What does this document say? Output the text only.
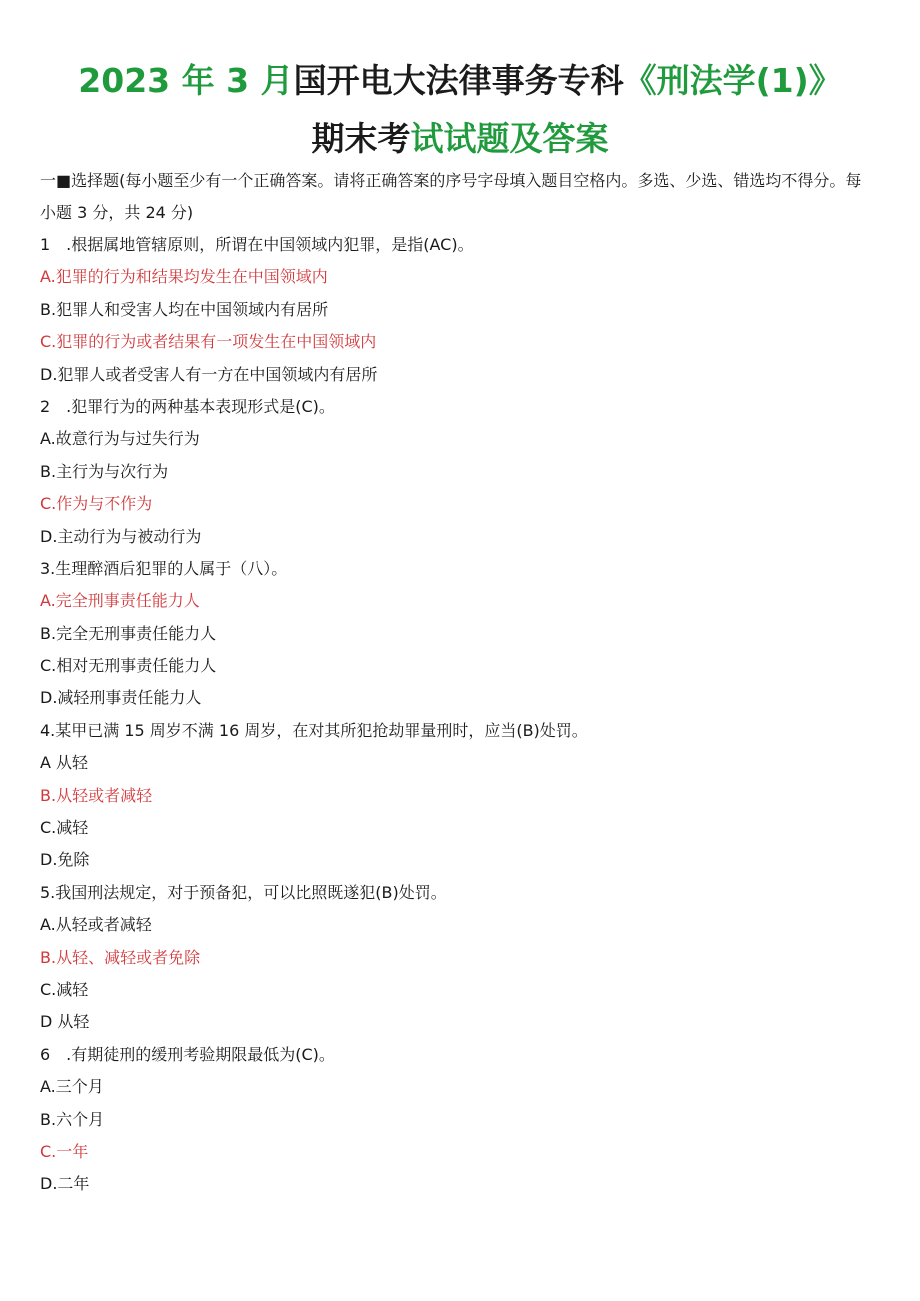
2023 年 3 月国开电大法律事务专科《刑法学(1)》
期末考试试题及答案
一■选择题(每小题至少有一个正确答案。请将正确答案的序号字母填入题目空格内。多选、少选、错选均不得分。每小题 3 分，共 24 分)
1　.根据属地管辖原则，所谓在中国领域内犯罪，是指(AC)。
A.犯罪的行为和结果均发生在中国领域内
B.犯罪人和受害人均在中国领域内有居所
C.犯罪的行为或者结果有一项发生在中国领域内
D.犯罪人或者受害人有一方在中国领域内有居所
2　.犯罪行为的两种基本表现形式是(C)。
A.故意行为与过失行为
B.主行为与次行为
C.作为与不作为
D.主动行为与被动行为
3.生理醉酒后犯罪的人属于（八）。
A.完全刑事责任能力人
B.完全无刑事责任能力人
C.相对无刑事责任能力人
D.减轻刑事责任能力人
4.某甲已满 15 周岁不满 16 周岁，在对其所犯抢劫罪量刑时，应当(B)处罚。
A 从轻
B.从轻或者减轻
C.减轻
D.免除
5.我国刑法规定，对于预备犯，可以比照既遂犯(B)处罚。
A.从轻或者减轻
B.从轻、减轻或者免除
C.减轻
D 从轻
6　.有期徒刑的缓刑考验期限最低为(C)。
A.三个月
B.六个月
C.一年
D.二年
